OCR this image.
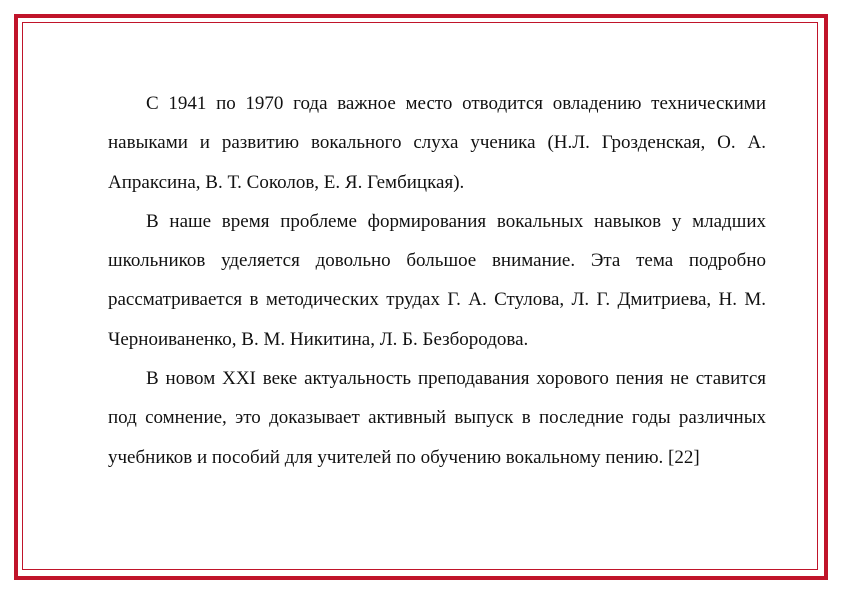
С 1941 по 1970 года важное место отводится овладению техническими навыками и развитию вокального слуха ученика (Н.Л. Грозденская, О. А. Апраксина, В. Т. Соколов, Е. Я. Гембицкая).

В наше время проблеме формирования вокальных навыков у младших школьников уделяется довольно большое внимание. Эта тема подробно рассматривается в методических трудах Г. А. Стулова, Л. Г. Дмитриева, Н. М. Черноиваненко, В. М. Никитина, Л. Б. Безбородова.

В новом XXI веке актуальность преподавания хорового пения не ставится под сомнение, это доказывает активный выпуск в последние годы различных учебников и пособий для учителей по обучению вокальному пению. [22]
